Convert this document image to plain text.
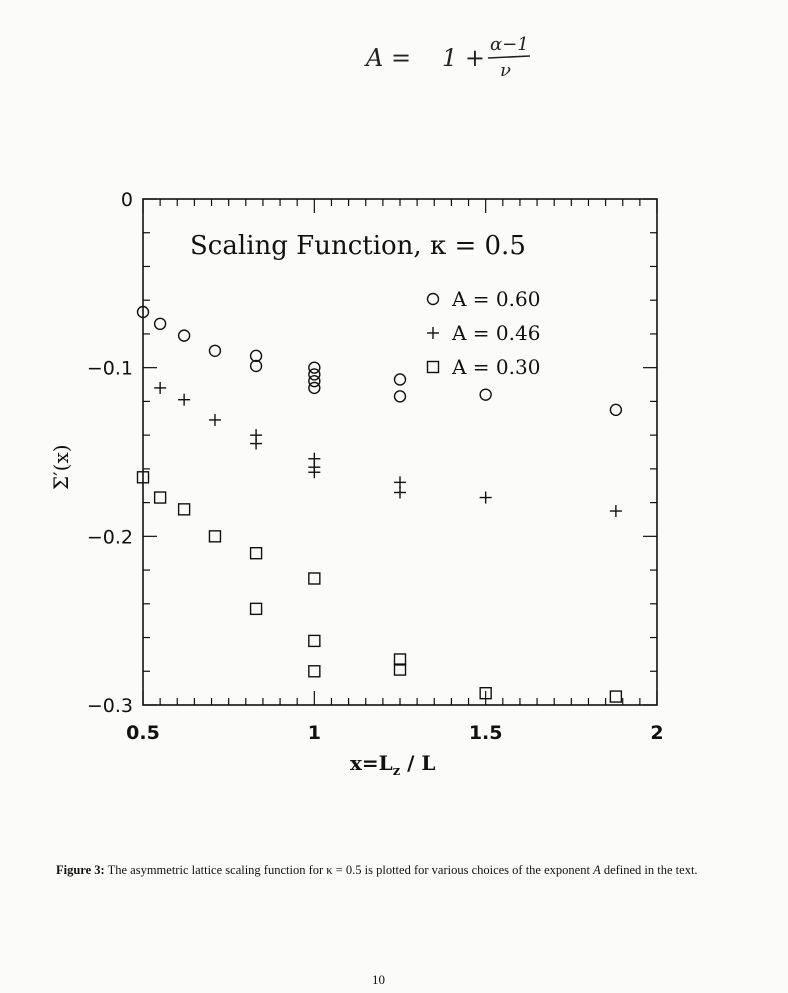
A = 1 + α−1
ν
0.5	1	1.5	2
0
−0.1
−0.2
−0.3
A = 0.60
A = 0.46
A = 0.30
Scaling Function, κ = 0.5
$x=L_z / L$
Σ′(x)
Figure 3: The asymmetric lattice scaling function for κ = 0.5 is plotted for various choices of the exponent A defined in the text.
10
